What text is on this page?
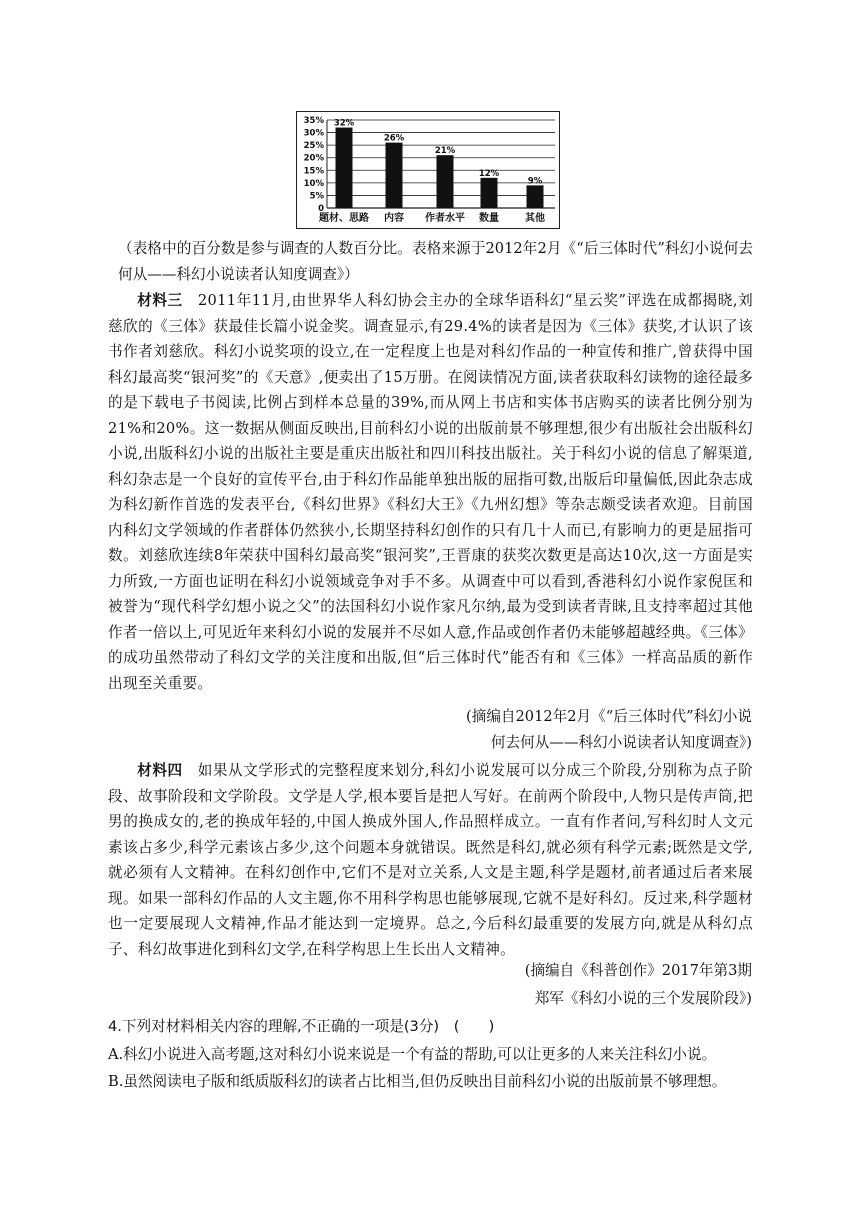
0
5%
10%
15%
20%
25%
30%
35% 32%
题材、思路
26%
内容
21%
作者水平
12%
数量
9%
其他
（表格中的百分数是参与调查的人数百分比。表格来源于2012年2月《“后三体时代”科幻小说何去何从——科幻小说读者认知度调查》）
材料三　2011年11月,由世界华人科幻协会主办的全球华语科幻“星云奖”评选在成都揭晓,刘慈欣的《三体》获最佳长篇小说金奖。调查显示,有29.4%的读者是因为《三体》获奖,才认识了该书作者刘慈欣。科幻小说奖项的设立,在一定程度上也是对科幻作品的一种宣传和推广,曾获得中国科幻最高奖“银河奖”的《天意》,便卖出了15万册。在阅读情况方面,读者获取科幻读物的途径最多的是下载电子书阅读,比例占到样本总量的39%,而从网上书店和实体书店购买的读者比例分别为21%和20%。这一数据从侧面反映出,目前科幻小说的出版前景不够理想,很少有出版社会出版科幻小说,出版科幻小说的出版社主要是重庆出版社和四川科技出版社。关于科幻小说的信息了解渠道,科幻杂志是一个良好的宣传平台,由于科幻作品能单独出版的屈指可数,出版后印量偏低,因此杂志成为科幻新作首选的发表平台,《科幻世界》《科幻大王》《九州幻想》等杂志颇受读者欢迎。目前国内科幻文学领域的作者群体仍然狭小,长期坚持科幻创作的只有几十人而已,有影响力的更是屈指可数。刘慈欣连续8年荣获中国科幻最高奖“银河奖”,王晋康的获奖次数更是高达10次,这一方面是实力所致,一方面也证明在科幻小说领域竞争对手不多。从调查中可以看到,香港科幻小说作家倪匡和被誉为“现代科学幻想小说之父”的法国科幻小说作家凡尔纳,最为受到读者青睐,且支持率超过其他作者一倍以上,可见近年来科幻小说的发展并不尽如人意,作品或创作者仍未能够超越经典。《三体》的成功虽然带动了科幻文学的关注度和出版,但“后三体时代”能否有和《三体》一样高品质的新作出现至关重要。
(摘编自2012年2月《“后三体时代”科幻小说
何去何从——科幻小说读者认知度调查》)
材料四　如果从文学形式的完整程度来划分,科幻小说发展可以分成三个阶段,分别称为点子阶段、故事阶段和文学阶段。文学是人学,根本要旨是把人写好。在前两个阶段中,人物只是传声筒,把男的换成女的,老的换成年轻的,中国人换成外国人,作品照样成立。一直有作者问,写科幻时人文元素该占多少,科学元素该占多少,这个问题本身就错误。既然是科幻,就必须有科学元素;既然是文学,就必须有人文精神。在科幻创作中,它们不是对立关系,人文是主题,科学是题材,前者通过后者来展现。如果一部科幻作品的人文主题,你不用科学构思也能够展现,它就不是好科幻。反过来,科学题材也一定要展现人文精神,作品才能达到一定境界。总之,今后科幻最重要的发展方向,就是从科幻点子、科幻故事进化到科幻文学,在科学构思上生长出人文精神。
(摘编自《科普创作》2017年第3期
郑军《科幻小说的三个发展阶段》)
4.下列对材料相关内容的理解,不正确的一项是(3分)　(　　)
A.科幻小说进入高考题,这对科幻小说来说是一个有益的帮助,可以让更多的人来关注科幻小说。
B.虽然阅读电子版和纸质版科幻的读者占比相当,但仍反映出目前科幻小说的出版前景不够理想。
